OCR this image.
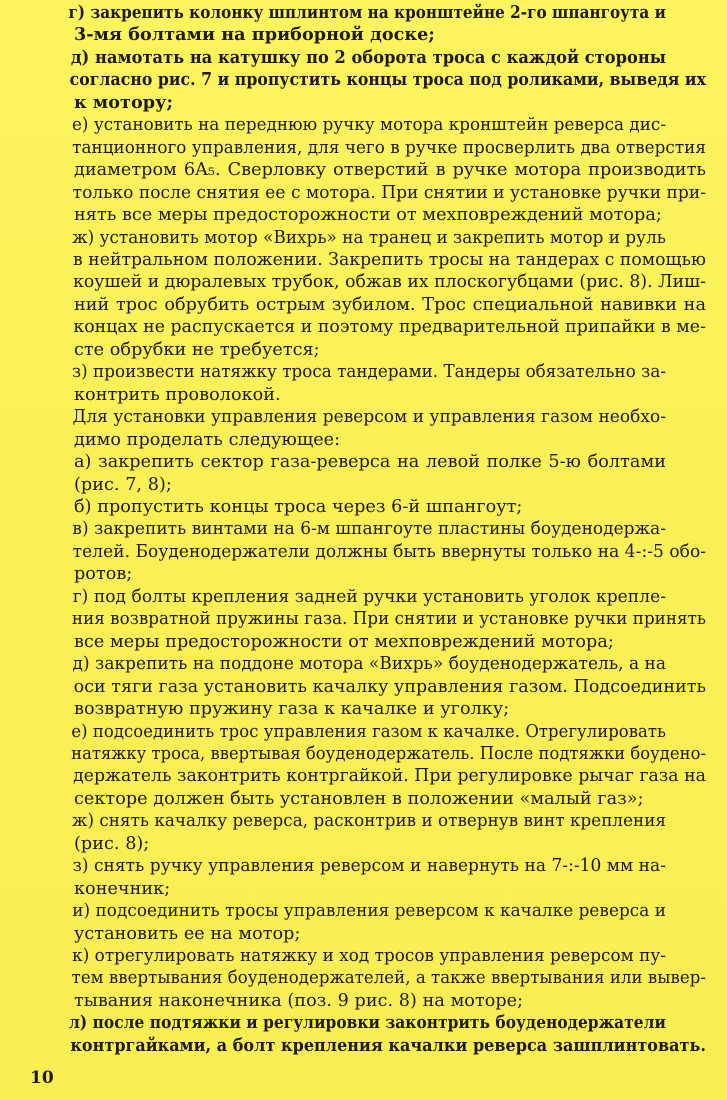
г) закрепить колонку шплинтом на кронштейне 2-го шпангоута и
3-мя болтами на приборной доске;

д) намотать на катушку по 2 оборота троса с каждой стороны
согласно рис. 7 и пропустить концы троса под роликами, выведя их
к мотору;

е) установить на переднюю ручку мотора кронштейн реверса дис-
танционного управления, для чего в ручке просверлить два отверстия
диаметром 6A₅. Сверловку отверстий в ручке мотора производить
только после снятия ее с мотора. При снятии и установке ручки при-
нять все меры предосторожности от мехповреждений мотора;

ж) установить мотор «Вихрь» на транец и закрепить мотор и руль
в нейтральном положении. Закрепить тросы на тандерах с помощью
коушей и дюралевых трубок, обжав их плоскогубцами (рис. 8). Лиш-
ний трос обрубить острым зубилом. Трос специальной навивки на
концах не распускается и поэтому предварительной припайки в ме-
сте обрубки не требуется;

з) произвести натяжку троса тандерами. Тандеры обязательно за-
контрить проволокой.

Для установки управления реверсом и управления газом необхо-
димо проделать следующее:

а) закрепить сектор газа-реверса на левой полке 5-ю болтами
(рис. 7, 8);

б) пропустить концы троса через 6-й шпангоут;

в) закрепить винтами на 6-м шпангоуте пластины боуденодержа-
телей. Боуденодержатели должны быть ввернуты только на 4-:-5 обо-
ротов;

г) под болты крепления задней ручки установить уголок крепле-
ния возвратной пружины газа. При снятии и установке ручки принять
все меры предосторожности от мехповреждений мотора;

д) закрепить на поддоне мотора «Вихрь» боуденодержатель, а на
оси тяги газа установить качалку управления газом. Подсоединить
возвратную пружину газа к качалке и уголку;

е) подсоединить трос управления газом к качалке. Отрегулировать
натяжку троса, ввертывая боуденодержатель. После подтяжки боудено-
держатель законтрить контргайкой. При регулировке рычаг газа на
секторе должен быть установлен в положении «малый газ»;

ж) снять качалку реверса, расконтрив и отвернув винт крепления
(рис. 8);

з) снять ручку управления реверсом и навернуть на 7-:-10 мм на-
конечник;

и) подсоединить тросы управления реверсом к качалке реверса и
установить ее на мотор;

к) отрегулировать натяжку и ход тросов управления реверсом пу-
тем ввертывания боуденодержателей, а также ввертывания или вывер-
тывания наконечника (поз. 9 рис. 8) на моторе;

л) после подтяжки и регулировки законтрить боуденодержатели
контргайками, а болт крепления качалки реверса зашплинтовать.

10
